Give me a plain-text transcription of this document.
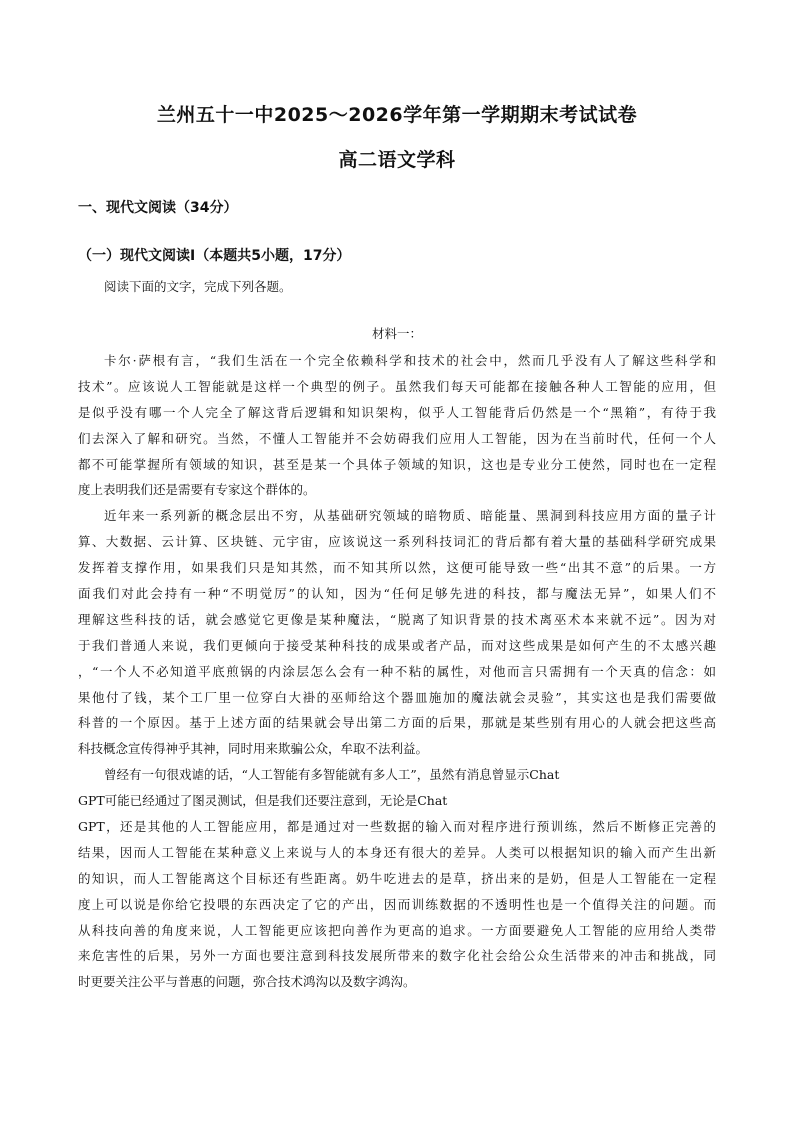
兰州五十一中2025～2026学年第一学期期末考试试卷
高二语文学科
一、现代文阅读（34分）
（一）现代文阅读Ⅰ（本题共5小题，17分）
阅读下面的文字，完成下列各题。
材料一：
卡尔·萨根有言，“我们生活在一个完全依赖科学和技术的社会中，然而几乎没有人了解这些科学和
技术”。应该说人工智能就是这样一个典型的例子。虽然我们每天可能都在接触各种人工智能的应用，但
是似乎没有哪一个人完全了解这背后逻辑和知识架构，似乎人工智能背后仍然是一个“黑箱”，有待于我
们去深入了解和研究。当然，不懂人工智能并不会妨碍我们应用人工智能，因为在当前时代，任何一个人
都不可能掌握所有领域的知识，甚至是某一个具体子领域的知识，这也是专业分工使然，同时也在一定程
度上表明我们还是需要有专家这个群体的。
近年来一系列新的概念层出不穷，从基础研究领域的暗物质、暗能量、黑洞到科技应用方面的量子计
算、大数据、云计算、区块链、元宇宙，应该说这一系列科技词汇的背后都有着大量的基础科学研究成果
发挥着支撑作用，如果我们只是知其然，而不知其所以然，这便可能导致一些“出其不意”的后果。一方
面我们对此会持有一种“不明觉厉”的认知，因为“任何足够先进的科技，都与魔法无异”，如果人们不
理解这些科技的话，就会感觉它更像是某种魔法，“脱离了知识背景的技术离巫术本来就不远”。因为对
于我们普通人来说，我们更倾向于接受某种科技的成果或者产品，而对这些成果是如何产生的不太感兴趣
，“一个人不必知道平底煎锅的内涂层怎么会有一种不粘的属性，对他而言只需拥有一个天真的信念：如
果他付了钱，某个工厂里一位穿白大褂的巫师给这个器皿施加的魔法就会灵验”，其实这也是我们需要做
科普的一个原因。基于上述方面的结果就会导出第二方面的后果，那就是某些别有用心的人就会把这些高
科技概念宣传得神乎其神，同时用来欺骗公众，牟取不法利益。
曾经有一句很戏谑的话，“人工智能有多智能就有多人工”，虽然有消息曾显示Chat
GPT可能已经通过了图灵测试，但是我们还要注意到，无论是Chat
GPT，还是其他的人工智能应用，都是通过对一些数据的输入而对程序进行预训练，然后不断修正完善的
结果，因而人工智能在某种意义上来说与人的本身还有很大的差异。人类可以根据知识的输入而产生出新
的知识，而人工智能离这个目标还有些距离。奶牛吃进去的是草，挤出来的是奶，但是人工智能在一定程
度上可以说是你给它投喂的东西决定了它的产出，因而训练数据的不透明性也是一个值得关注的问题。而
从科技向善的角度来说，人工智能更应该把向善作为更高的追求。一方面要避免人工智能的应用给人类带
来危害性的后果，另外一方面也要注意到科技发展所带来的数字化社会给公众生活带来的冲击和挑战，同
时更要关注公平与普惠的问题，弥合技术鸿沟以及数字鸿沟。
